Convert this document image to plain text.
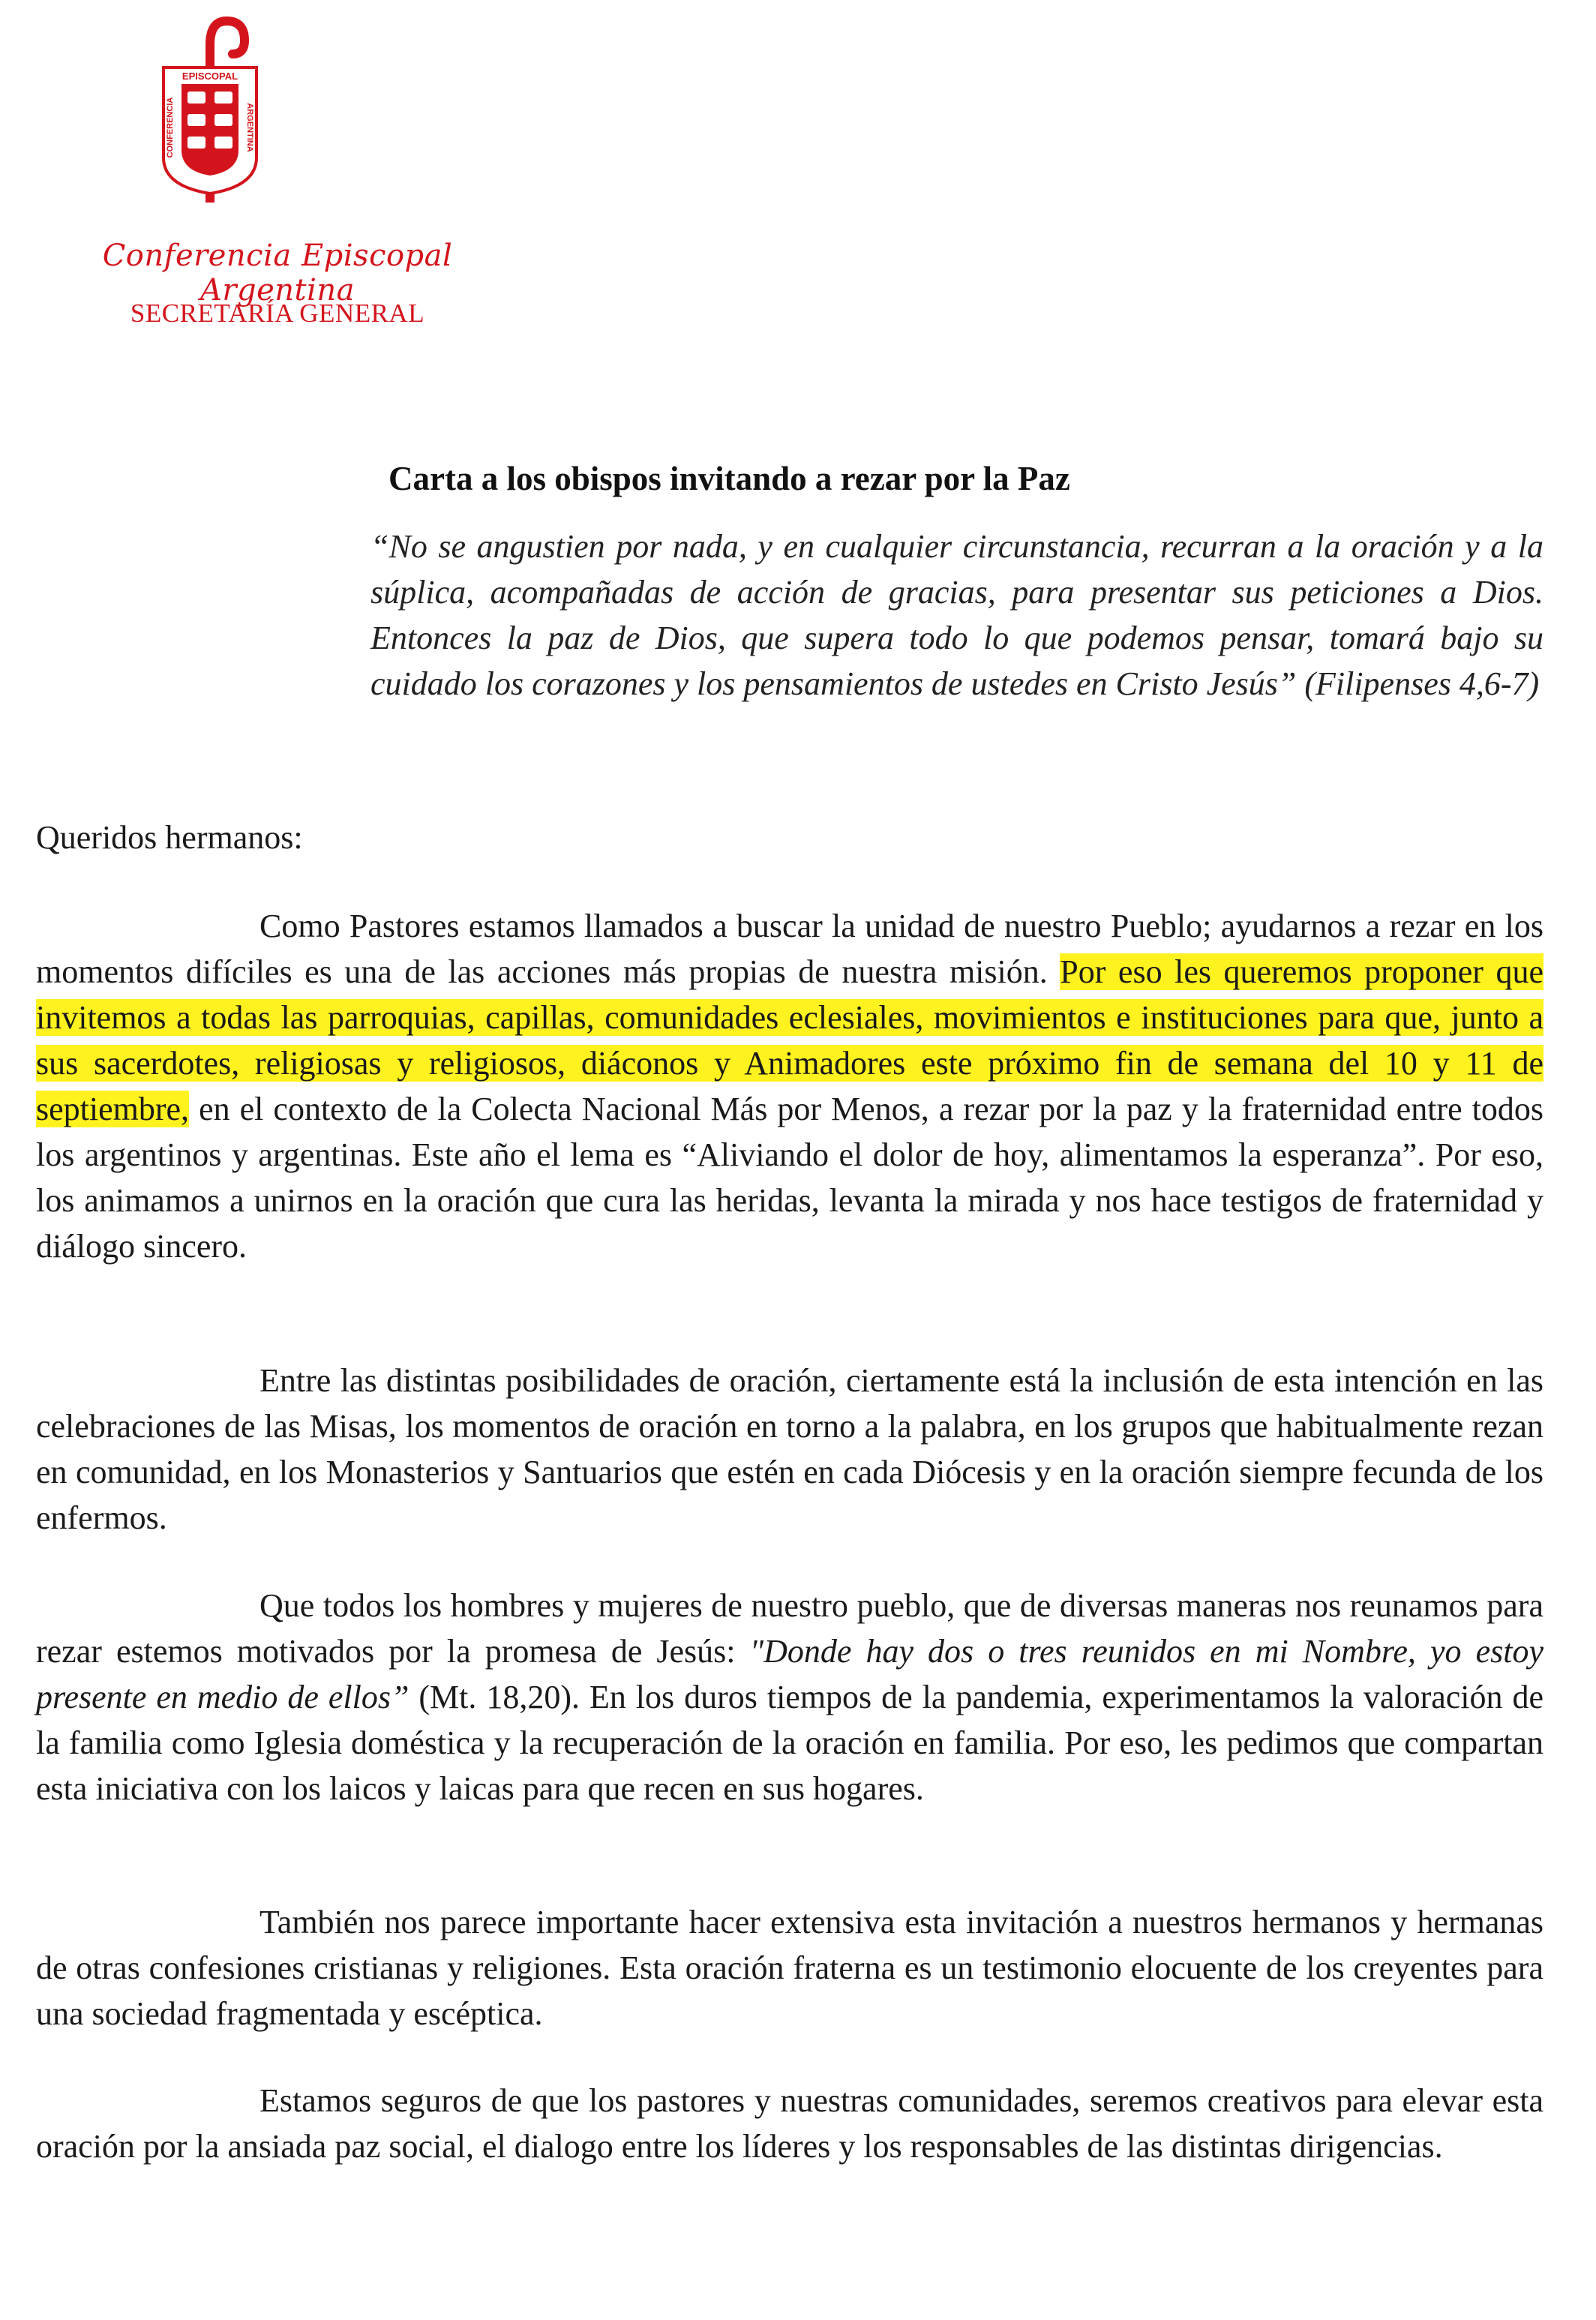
EPISCOPAL
CONFERENCIA	ARGENTINA
Conferencia Episcopal Argentina
SECRETARÍA GENERAL
Carta a los obispos invitando a rezar por la Paz

“No se angustien por nada, y en cualquier circunstancia, recurran a la oración y a la súplica, acompañadas de acción de gracias, para presentar sus peticiones a Dios. Entonces la paz de Dios, que supera todo lo que podemos pensar, tomará bajo su cuidado los corazones y los pensamientos de ustedes en Cristo Jesús” (Filipenses 4,6-7)

Queridos hermanos:

Como Pastores estamos llamados a buscar la unidad de nuestro Pueblo; ayudarnos a rezar en los momentos difíciles es una de las acciones más propias de nuestra misión. Por eso les queremos proponer que invitemos a todas las parroquias, capillas, comunidades eclesiales, movimientos e instituciones para que, junto a sus sacerdotes, religiosas y religiosos, diáconos y Animadores este próximo fin de semana del 10 y 11 de septiembre, en el contexto de la Colecta Nacional Más por Menos, a rezar por la paz y la fraternidad entre todos los argentinos y argentinas. Este año el lema es “Aliviando el dolor de hoy, alimentamos la esperanza”. Por eso, los animamos a unirnos en la oración que cura las heridas, levanta la mirada y nos hace testigos de fraternidad y diálogo sincero.

Entre las distintas posibilidades de oración, ciertamente está la inclusión de esta intención en las celebraciones de las Misas, los momentos de oración en torno a la palabra, en los grupos que habitualmente rezan en comunidad, en los Monasterios y Santuarios que estén en cada Diócesis y en la oración siempre fecunda de los enfermos.

Que todos los hombres y mujeres de nuestro pueblo, que de diversas maneras nos reunamos para rezar estemos motivados por la promesa de Jesús: "Donde hay dos o tres reunidos en mi Nombre, yo estoy presente en medio de ellos” (Mt. 18,20). En los duros tiempos de la pandemia, experimentamos la valoración de la familia como Iglesia doméstica y la recuperación de la oración en familia. Por eso, les pedimos que compartan esta iniciativa con los laicos y laicas para que recen en sus hogares.

También nos parece importante hacer extensiva esta invitación a nuestros hermanos y hermanas de otras confesiones cristianas y religiones. Esta oración fraterna es un testimonio elocuente de los creyentes para una sociedad fragmentada y escéptica.

Estamos seguros de que los pastores y nuestras comunidades, seremos creativos para elevar esta oración por la ansiada paz social, el dialogo entre los líderes y los responsables de las distintas dirigencias.
